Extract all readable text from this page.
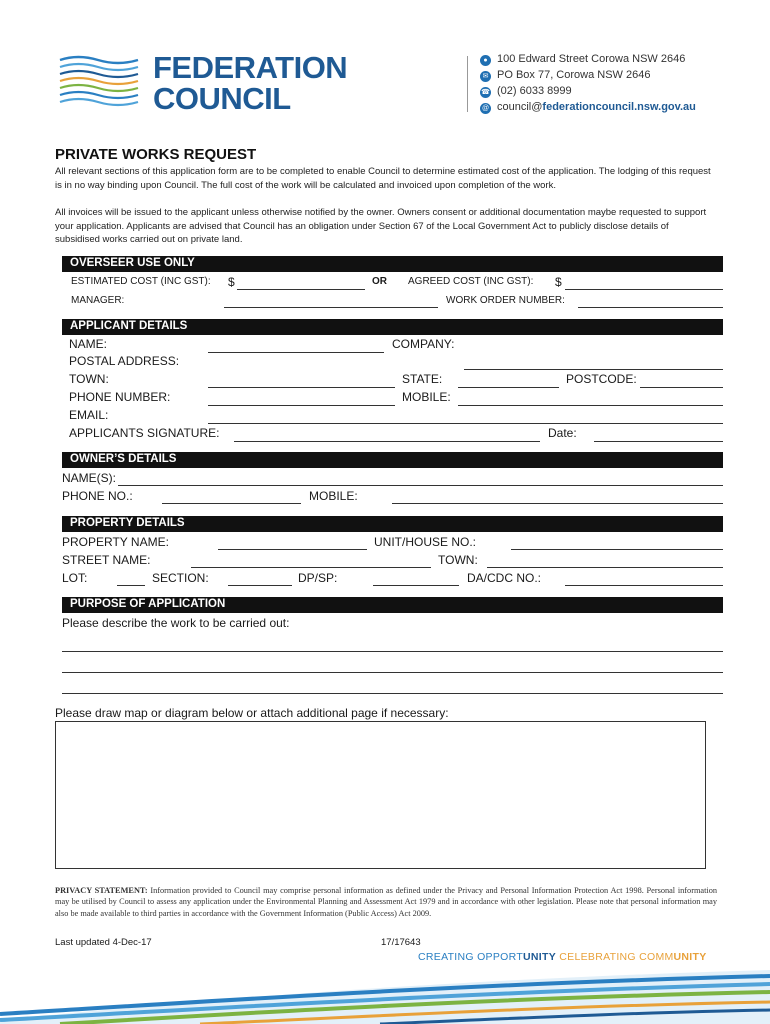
FEDERATION
COUNCIL
● 100 Edward Street Corowa NSW 2646
✉ PO Box 77, Corowa NSW 2646
☎ (02) 6033 8999
@ council@federationcouncil.nsw.gov.au
PRIVATE WORKS REQUEST
All relevant sections of this application form are to be completed to enable Council to determine estimated cost of the application. The lodging of this request is in no way binding upon Council. The full cost of the work will be calculated and invoiced upon completion of the work.
All invoices will be issued to the applicant unless otherwise notified by the owner. Owners consent or additional documentation maybe requested to support your application. Applicants are advised that Council has an obligation under Section 67 of the Local Government Act to publicly disclose details of subsidised works carried out on private land.
OVERSEER USE ONLY
ESTIMATED COST (INC GST): $	OR AGREED COST (INC GST): $
MANAGER:	WORK ORDER NUMBER:
APPLICANT DETAILS
NAME:	COMPANY:
POSTAL ADDRESS:
TOWN:	STATE:	POSTCODE:
PHONE NUMBER:	MOBILE:
EMAIL:
APPLICANTS SIGNATURE:	Date:
OWNER’S DETAILS
NAME(S):
PHONE NO.:	MOBILE:
PROPERTY DETAILS
PROPERTY NAME:	UNIT/HOUSE NO.:
STREET NAME:	TOWN:
LOT:	SECTION:	DP/SP:	DA/CDC NO.:
PURPOSE OF APPLICATION
Please describe the work to be carried out:
Please draw map or diagram below or attach additional page if necessary:
PRIVACY STATEMENT: Information provided to Council may comprise personal information as defined under the Privacy and Personal Information Protection Act 1998. Personal information may be utilised by Council to assess any application under the Environmental Planning and Assessment Act 1979 and in accordance with other legislation. Please note that personal information may also be made available to third parties in accordance with the Government Information (Public Access) Act 2009.
Last updated 4-Dec-17	17/17643
CREATING OPPORTUNITY CELEBRATING COMMUNITY
